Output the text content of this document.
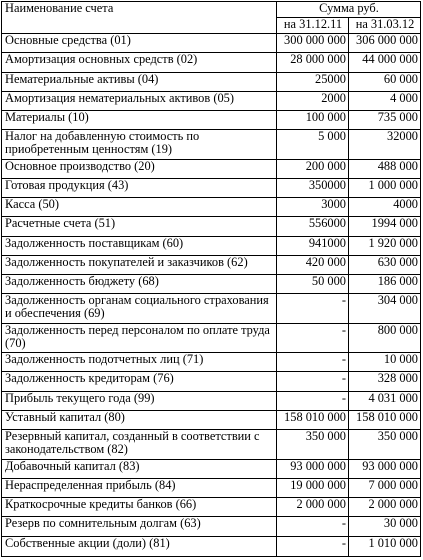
Наименование счета	Сумма руб.	
	на 31.12.11	на 31.03.12
Основные средства (01)	300 000 000	306 000 000
Амортизация основных средств (02)	28 000 000	44 000 000
Нематериальные активы (04)	25000	60 000
Амортизация нематериальных активов (05)	2000	4 000
Материалы (10)	100 000	735 000
Налог на добавленную стоимость по приобретенным ценностям (19)	5 000	32000
Основное производство (20)	200 000	488 000
Готовая продукция (43)	350000	1 000 000
Касса (50)	3000	4000
Расчетные счета (51)	556000	1994 000
Задолженность поставщикам (60)	941000	1 920 000
Задолженность покупателей и заказчиков (62)	420 000	630 000
Задолженность бюджету (68)	50 000	186 000
Задолженность органам социального страхования и обеспечения (69)	-	304 000
Задолженность перед персоналом по оплате труда (70)	-	800 000
Задолженность подотчетных лиц (71)	-	10 000
Задолженность кредиторам (76)	-	328 000
Прибыль текущего года (99)	-	4 031 000
Уставный капитал (80)	158 010 000	158 010 000
Резервный капитал, созданный в соответствии с законодательством (82)	350 000	350 000
Добавочный капитал (83)	93 000 000	93 000 000
Нераспределенная прибыль (84)	19 000 000	7 000 000
Краткосрочные кредиты банков (66)	2 000 000	2 000 000
Резерв по сомнительным долгам (63)	-	30 000
Собственные акции (доли) (81)	-	1 010 000
